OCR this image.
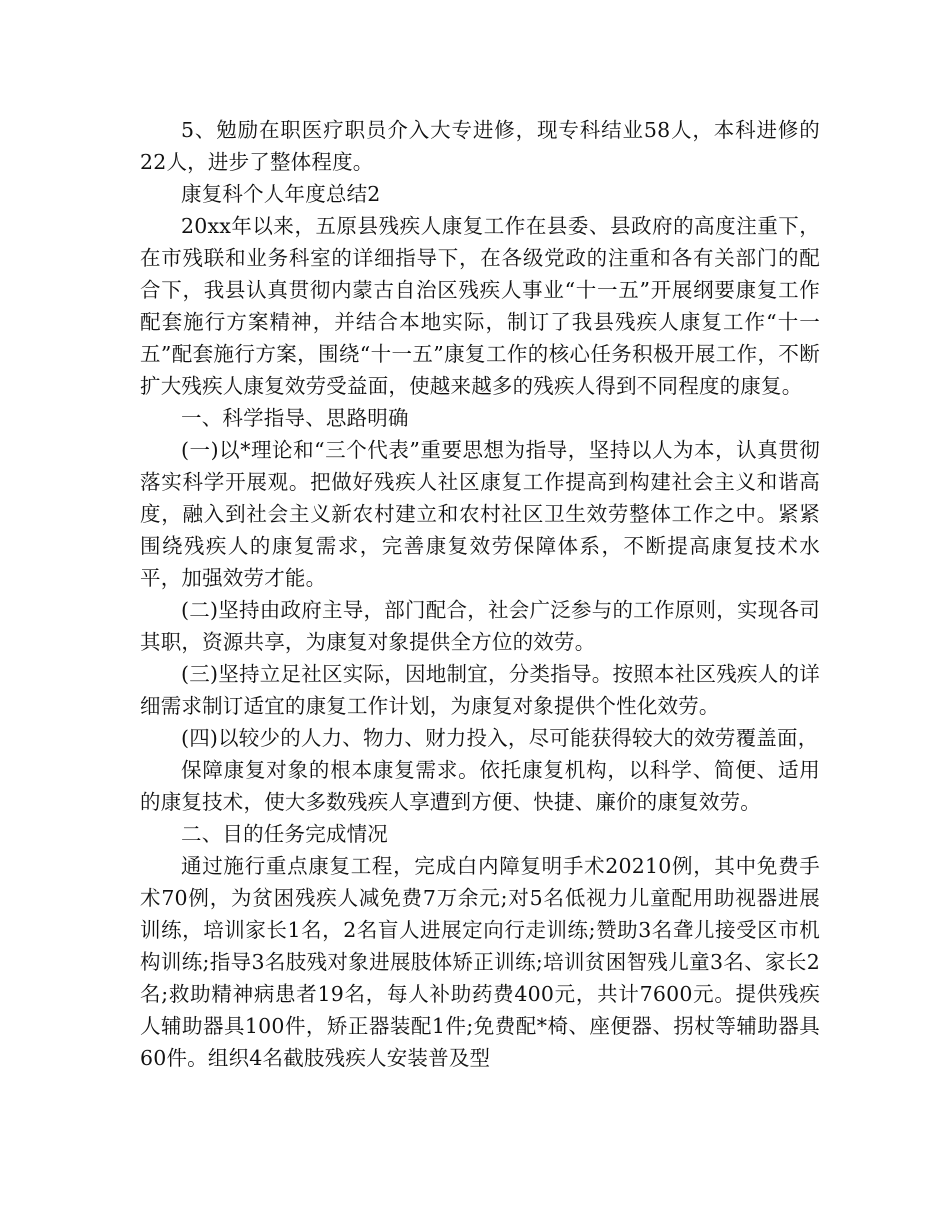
5、勉励在职医疗职员介入大专进修，现专科结业58人，本科进修的22人，进步了整体程度。

康复科个人年度总结2

20xx年以来，五原县残疾人康复工作在县委、县政府的高度注重下，在市残联和业务科室的详细指导下，在各级党政的注重和各有关部门的配合下，我县认真贯彻内蒙古自治区残疾人事业“十一五”开展纲要康复工作配套施行方案精神，并结合本地实际，制订了我县残疾人康复工作“十一五”配套施行方案，围绕“十一五”康复工作的核心任务积极开展工作，不断扩大残疾人康复效劳受益面，使越来越多的残疾人得到不同程度的康复。

一、科学指导、思路明确

(一)以*理论和“三个代表”重要思想为指导，坚持以人为本，认真贯彻落实科学开展观。把做好残疾人社区康复工作提高到构建社会主义和谐高度，融入到社会主义新农村建立和农村社区卫生效劳整体工作之中。紧紧围绕残疾人的康复需求，完善康复效劳保障体系，不断提高康复技术水平，加强效劳才能。

(二)坚持由政府主导，部门配合，社会广泛参与的工作原则，实现各司其职，资源共享，为康复对象提供全方位的效劳。

(三)坚持立足社区实际，因地制宜，分类指导。按照本社区残疾人的详细需求制订适宜的康复工作计划，为康复对象提供个性化效劳。

(四)以较少的人力、物力、财力投入，尽可能获得较大的效劳覆盖面，

保障康复对象的根本康复需求。依托康复机构，以科学、简便、适用的康复技术，使大多数残疾人享遭到方便、快捷、廉价的康复效劳。

二、目的任务完成情况

通过施行重点康复工程，完成白内障复明手术20210例，其中免费手术70例，为贫困残疾人减免费7万余元;对5名低视力儿童配用助视器进展训练，培训家长1名，2名盲人进展定向行走训练;赞助3名聋儿接受区市机构训练;指导3名肢残对象进展肢体矫正训练;培训贫困智残儿童3名、家长2名;救助精神病患者19名，每人补助药费400元，共计7600元。提供残疾人辅助器具100件，矫正器装配1件;免费配*椅、座便器、拐杖等辅助器具60件。组织4名截肢残疾人安装普及型
